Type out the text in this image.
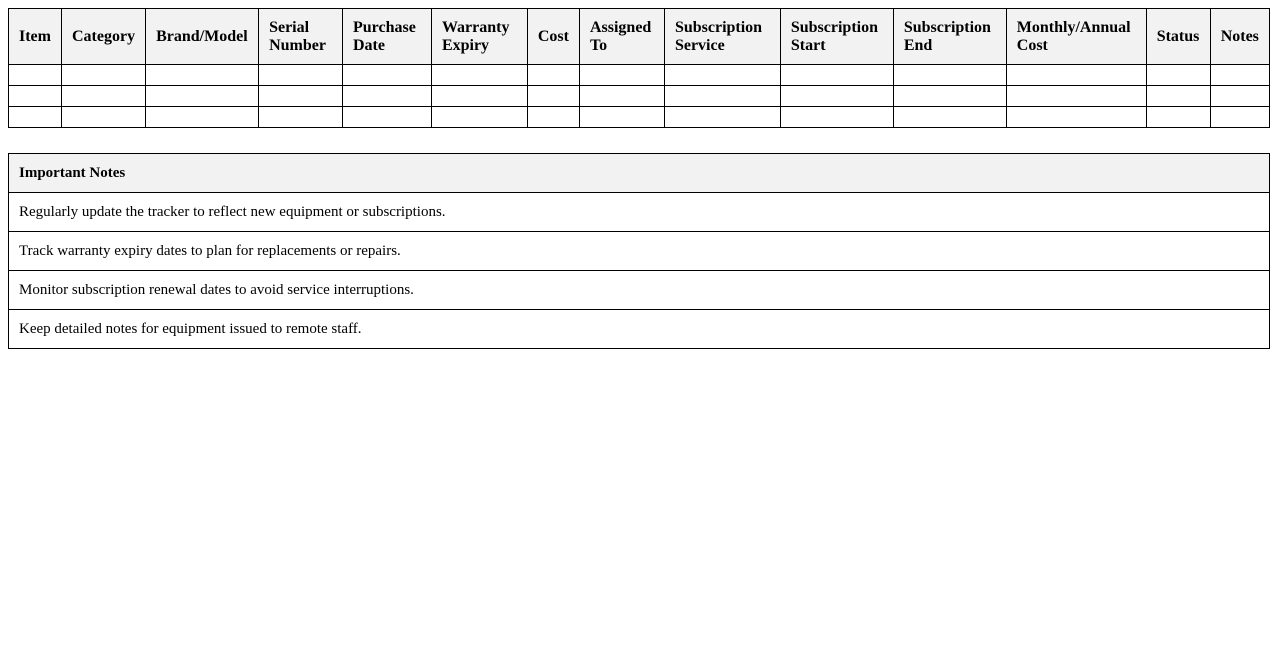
Item	Category	Brand/Model	Serial Number	Purchase Date	Warranty Expiry	Cost	Assigned To	Subscription Service	Subscription Start	Subscription End	Monthly/Annual Cost	Status	Notes

Important Notes
Regularly update the tracker to reflect new equipment or subscriptions.
Track warranty expiry dates to plan for replacements or repairs.
Monitor subscription renewal dates to avoid service interruptions.
Keep detailed notes for equipment issued to remote staff.
